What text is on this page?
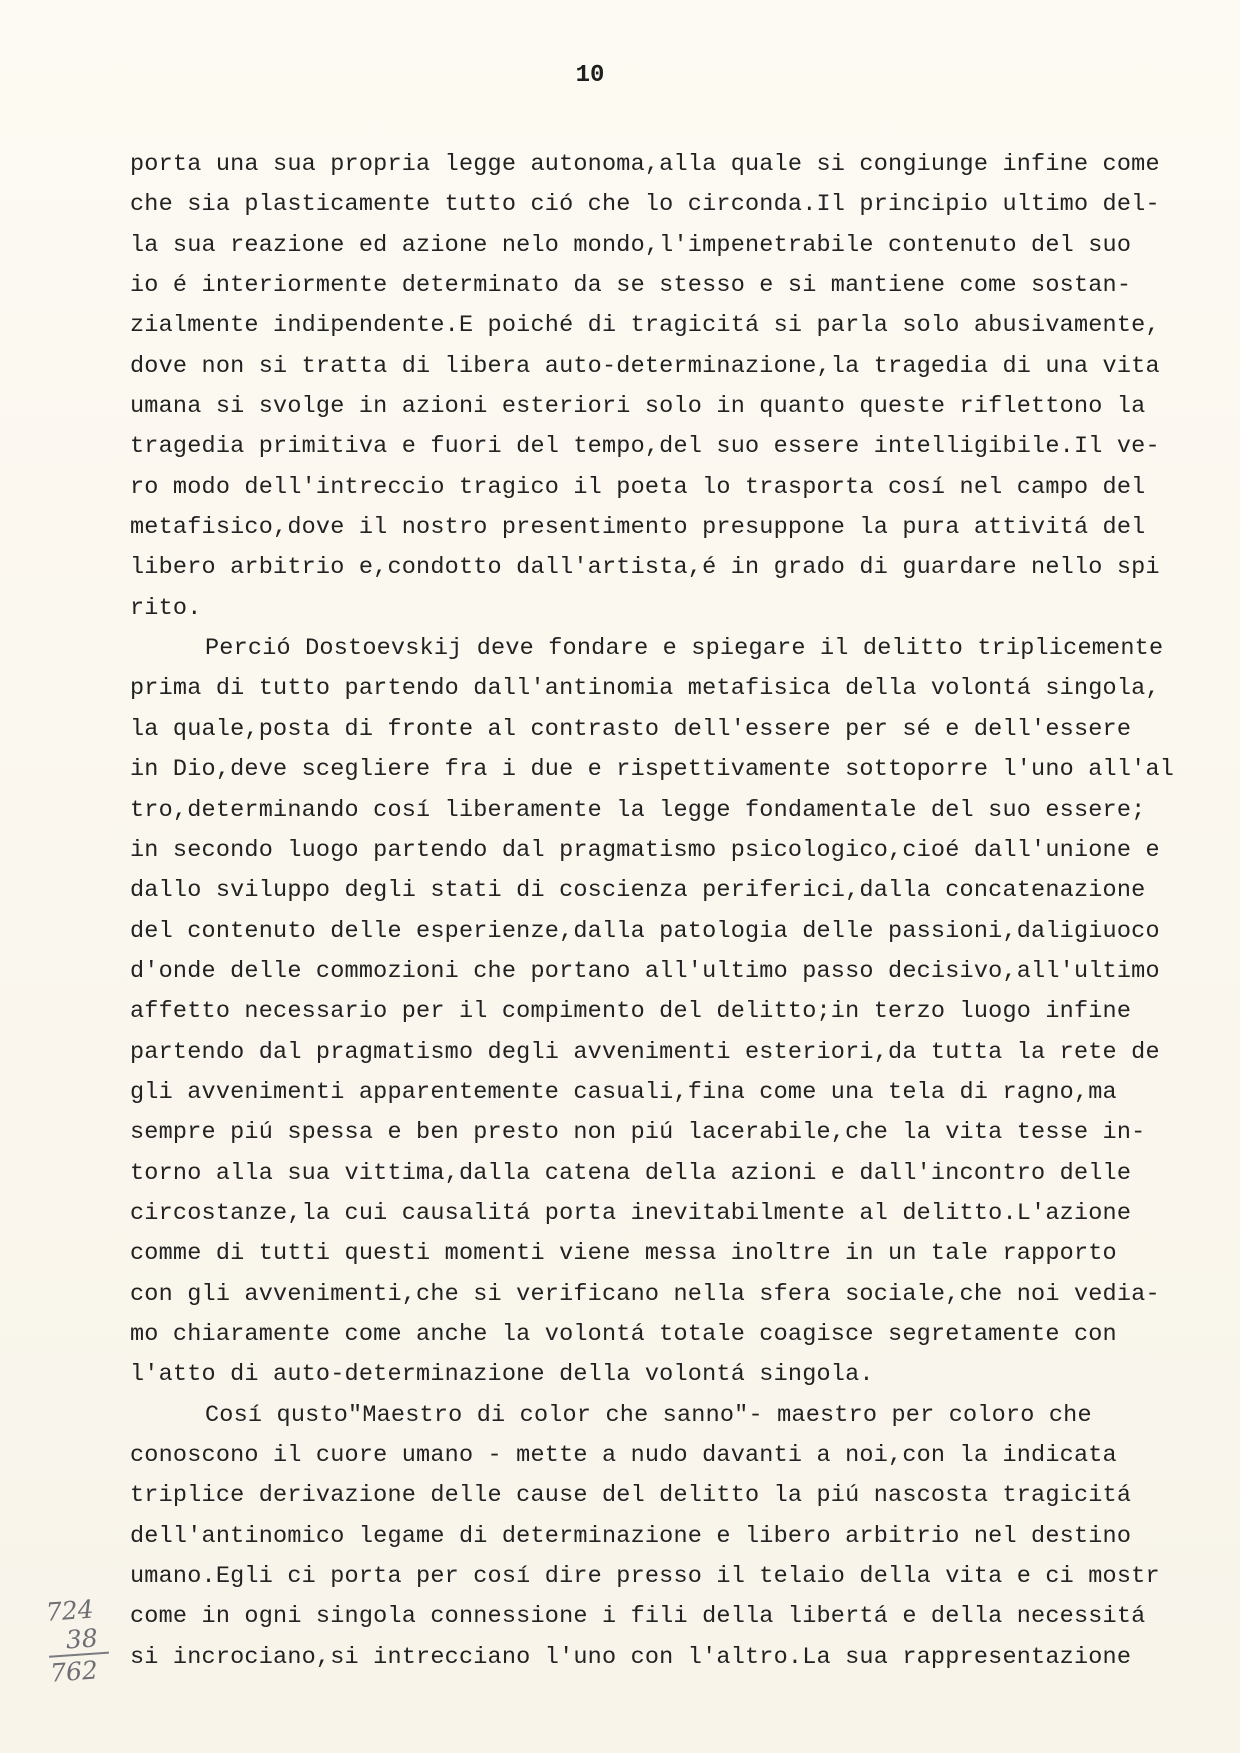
10
porta una sua propria legge autonoma,alla quale si congiunge infine come
che sia plasticamente tutto ció che lo circonda.Il principio ultimo del-
la sua reazione ed azione nelo mondo,l'impenetrabile contenuto del suo
io é interiormente determinato da se stesso e si mantiene come sostan-
zialmente indipendente.E poiché di tragicitá si parla solo abusivamente,
dove non si tratta di libera auto-determinazione,la tragedia di una vita
umana si svolge in azioni esteriori solo in quanto queste riflettono la
tragedia primitiva e fuori del tempo,del suo essere intelligibile.Il ve-
ro modo dell'intreccio tragico il poeta lo trasporta cosí nel campo del
metafisico,dove il nostro presentimento presuppone la pura attivitá del
libero arbitrio e,condotto dall'artista,é in grado di guardare nello spi
rito.
Perció Dostoevskij deve fondare e spiegare il delitto triplicemente
prima di tutto partendo dall'antinomia metafisica della volontá singola,
la quale,posta di fronte al contrasto dell'essere per sé e dell'essere
in Dio,deve scegliere fra i due e rispettivamente sottoporre l'uno all'al
tro,determinando cosí liberamente la legge fondamentale del suo essere;
in secondo luogo partendo dal pragmatismo psicologico,cioé dall'unione e
dallo sviluppo degli stati di coscienza periferici,dalla concatenazione
del contenuto delle esperienze,dalla patologia delle passioni,daligiuoco
d'onde delle commozioni che portano all'ultimo passo decisivo,all'ultimo
affetto necessario per il compimento del delitto;in terzo luogo infine
partendo dal pragmatismo degli avvenimenti esteriori,da tutta la rete de
gli avvenimenti apparentemente casuali,fina come una tela di ragno,ma
sempre piú spessa e ben presto non piú lacerabile,che la vita tesse in-
torno alla sua vittima,dalla catena della azioni e dall'incontro delle
circostanze,la cui causalitá porta inevitabilmente al delitto.L'azione
comme di tutti questi momenti viene messa inoltre in un tale rapporto
con gli avvenimenti,che si verificano nella sfera sociale,che noi vedia-
mo chiaramente come anche la volontá totale coagisce segretamente con
l'atto di auto-determinazione della volontá singola.
Cosí qusto"Maestro di color che sanno"- maestro per coloro che
conoscono il cuore umano - mette a nudo davanti a noi,con la indicata
triplice derivazione delle cause del delitto la piú nascosta tragicitá
dell'antinomico legame di determinazione e libero arbitrio nel destino
umano.Egli ci porta per cosí dire presso il telaio della vita e ci mostr
come in ogni singola connessione i fili della libertá e della necessitá
si incrociano,si intrecciano l'uno con l'altro.La sua rappresentazione
724
38
762
